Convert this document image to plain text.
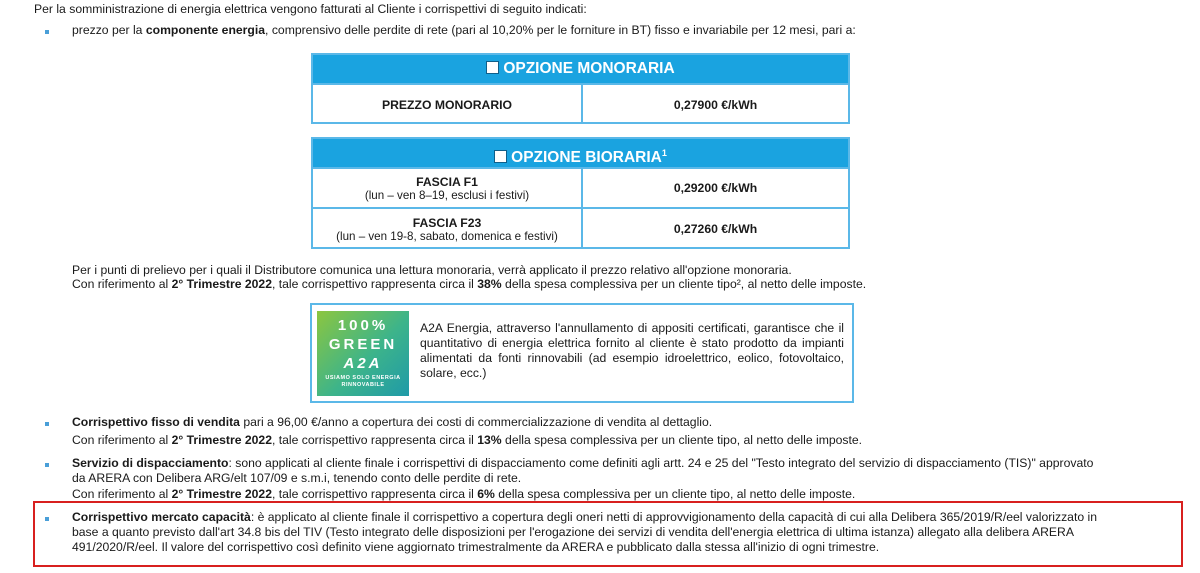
Per la somministrazione di energia elettrica vengono fatturati al Cliente i corrispettivi di seguito indicati:
prezzo per la componente energia, comprensivo delle perdite di rete (pari al 10,20% per le forniture in BT) fisso e invariabile per 12 mesi, pari a:
OPZIONE MONORARIA
PREZZO MONORARIO	0,27900 €/kWh
OPZIONE BIORARIA$^1$
FASCIA F1
(lun – ven 8–19, esclusi i festivi)	0,29200 €/kWh
FASCIA F23
(lun – ven 19-8, sabato, domenica e festivi)	0,27260 €/kWh
Per i punti di prelievo per i quali il Distributore comunica una lettura monoraria, verrà applicato il prezzo relativo all'opzione monoraria.
Con riferimento al 2° Trimestre 2022, tale corrispettivo rappresenta circa il 38% della spesa complessiva per un cliente tipo², al netto delle imposte.
100%
GREEN
A2A
USIAMO SOLO ENERGIA RINNOVABILE
A2A Energia, attraverso l'annullamento di appositi certificati, garantisce che il quantitativo di energia elettrica fornito al cliente è stato prodotto da impianti alimentati da fonti rinnovabili (ad esempio idroelettrico, eolico, fotovoltaico, solare, ecc.)
Corrispettivo fisso di vendita pari a 96,00 €/anno a copertura dei costi di commercializzazione di vendita al dettaglio.
Con riferimento al 2° Trimestre 2022, tale corrispettivo rappresenta circa il 13% della spesa complessiva per un cliente tipo, al netto delle imposte.
Servizio di dispacciamento: sono applicati al cliente finale i corrispettivi di dispacciamento come definiti agli artt. 24 e 25 del "Testo integrato del servizio di dispacciamento (TIS)" approvato
da ARERA con Delibera ARG/elt 107/09 e s.m.i, tenendo conto delle perdite di rete.
Con riferimento al 2° Trimestre 2022, tale corrispettivo rappresenta circa il 6% della spesa complessiva per un cliente tipo, al netto delle imposte.
Corrispettivo mercato capacità: è applicato al cliente finale il corrispettivo a copertura degli oneri netti di approvvigionamento della capacità di cui alla Delibera 365/2019/R/eel valorizzato in
base a quanto previsto dall'art 34.8 bis del TIV (Testo integrato delle disposizioni per l'erogazione dei servizi di vendita dell'energia elettrica di ultima istanza) allegato alla delibera ARERA
491/2020/R/eel. Il valore del corrispettivo così definito viene aggiornato trimestralmente da ARERA e pubblicato dalla stessa all'inizio di ogni trimestre.
